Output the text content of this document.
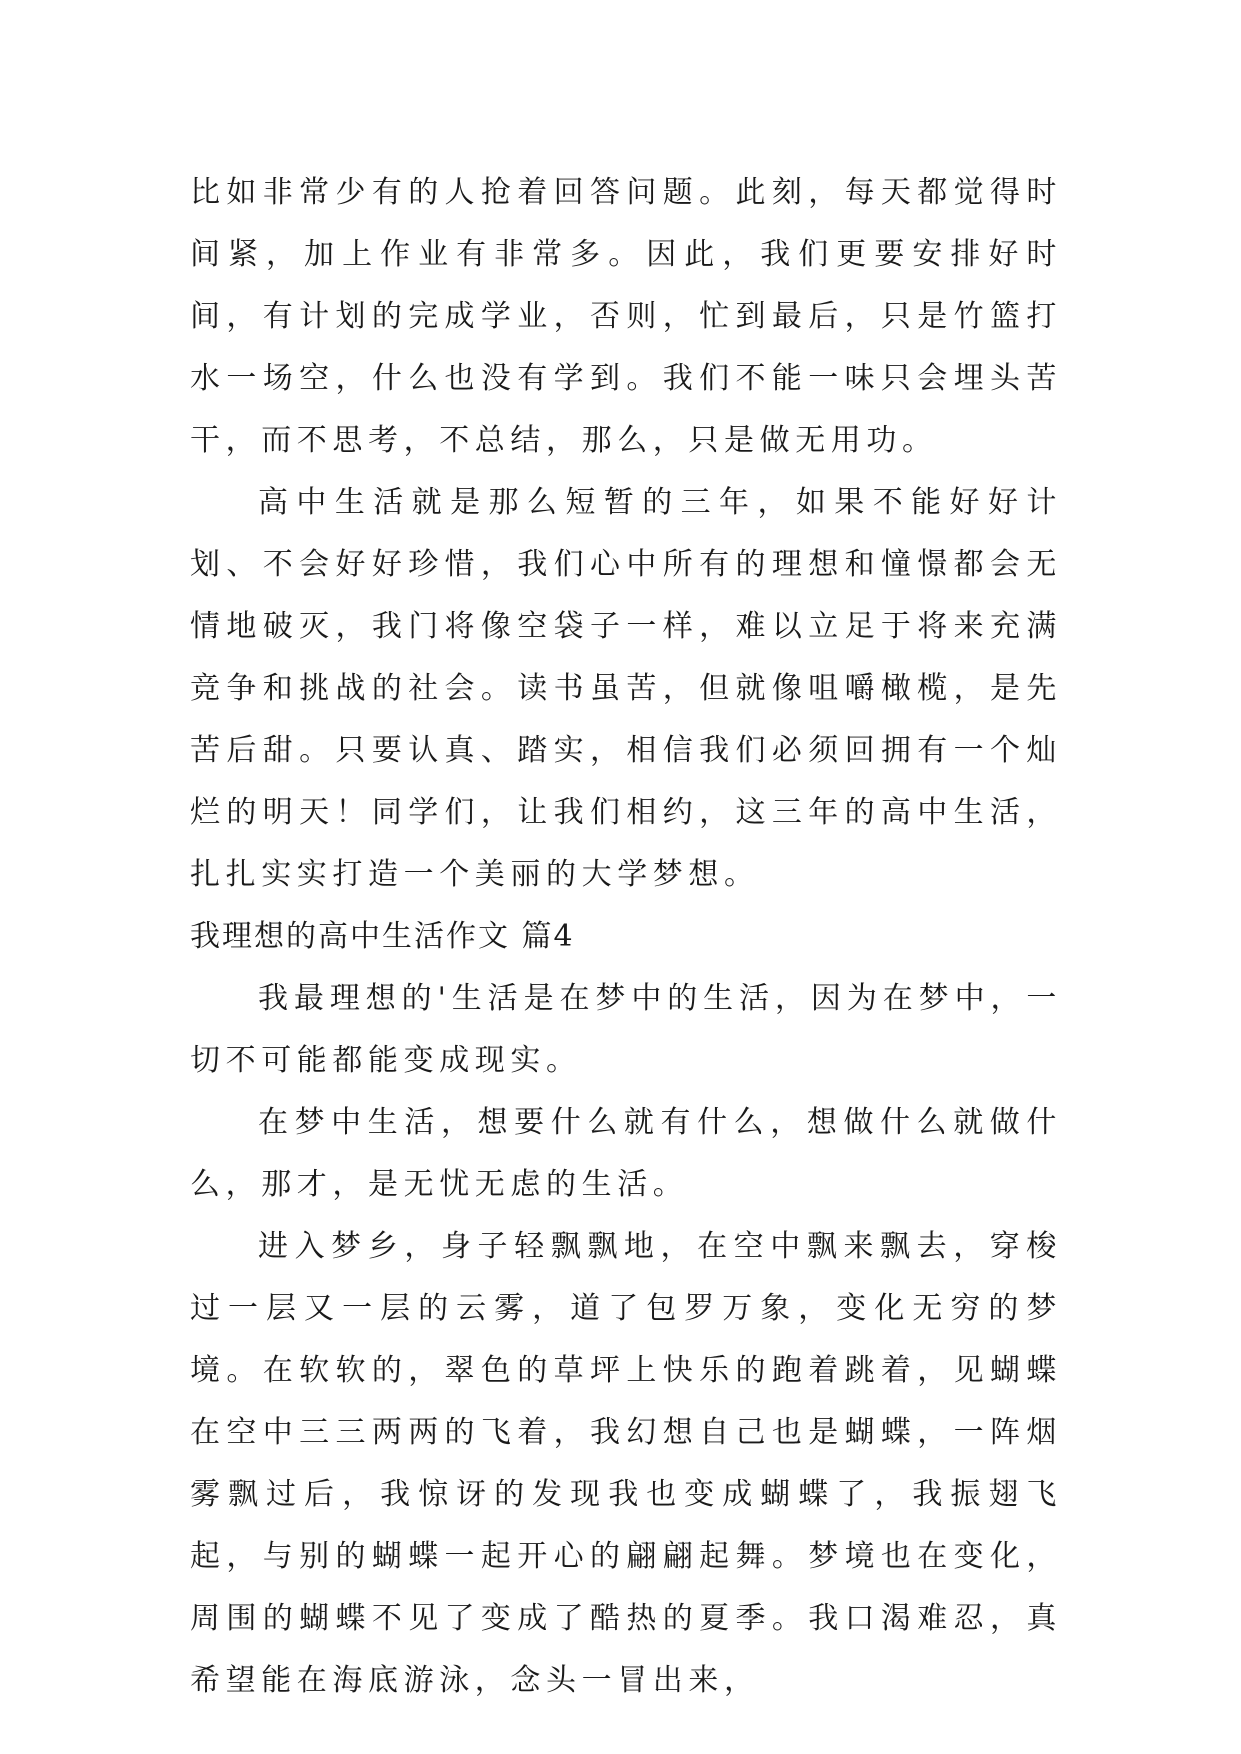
比如非常少有的人抢着回答问题。此刻，每天都觉得时间紧，加上作业有非常多。因此，我们更要安排好时间，有计划的完成学业，否则，忙到最后，只是竹篮打水一场空，什么也没有学到。我们不能一味只会埋头苦干，而不思考，不总结，那么，只是做无用功。

高中生活就是那么短暂的三年，如果不能好好计划、不会好好珍惜，我们心中所有的理想和憧憬都会无情地破灭，我门将像空袋子一样，难以立足于将来充满竞争和挑战的社会。读书虽苦，但就像咀嚼橄榄，是先苦后甜。只要认真、踏实，相信我们必须回拥有一个灿烂的明天！同学们，让我们相约，这三年的高中生活，扎扎实实打造一个美丽的大学梦想。

我理想的高中生活作文 篇4

我最理想的'生活是在梦中的生活，因为在梦中，一切不可能都能变成现实。

在梦中生活，想要什么就有什么，想做什么就做什么，那才，是无忧无虑的生活。

进入梦乡，身子轻飘飘地，在空中飘来飘去，穿梭过一层又一层的云雾，道了包罗万象，变化无穷的梦境。在软软的，翠色的草坪上快乐的跑着跳着，见蝴蝶在空中三三两两的飞着，我幻想自己也是蝴蝶，一阵烟雾飘过后，我惊讶的发现我也变成蝴蝶了，我振翅飞起，与别的蝴蝶一起开心的翩翩起舞。梦境也在变化，周围的蝴蝶不见了变成了酷热的夏季。我口渴难忍，真希望能在海底游泳，念头一冒出来，
